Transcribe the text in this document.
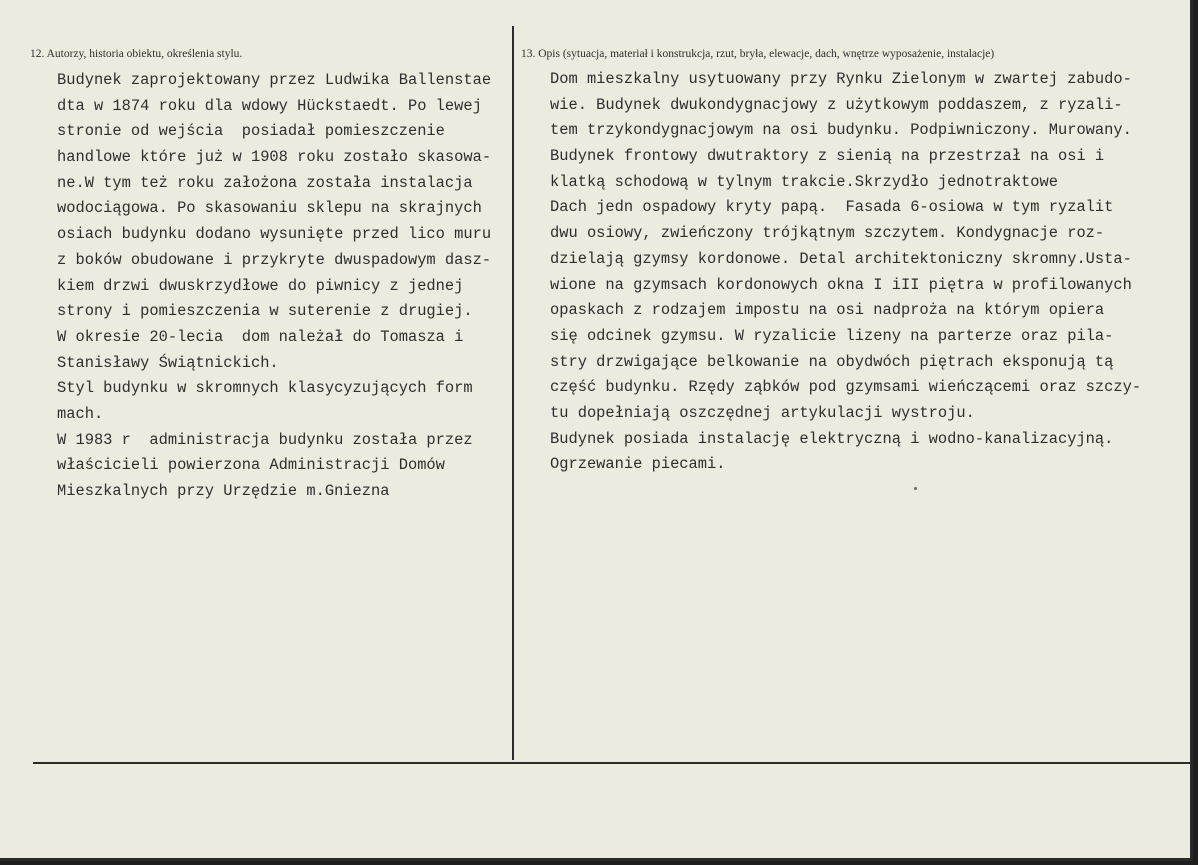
12. Autorzy, historia obiektu, określenia stylu.	13. Opis (sytuacja, materiał i konstrukcja, rzut, bryła, elewacje, dach, wnętrze wyposażenie, instalacje)
Budynek zaprojektowany przez Ludwika Ballenstae
dta w 1874 roku dla wdowy Hückstaedt. Po lewej
stronie od wejścia  posiadał pomieszczenie
handlowe które już w 1908 roku zostało skasowa-
ne.W tym też roku założona została instalacja
wodociągowa. Po skasowaniu sklepu na skrajnych
osiach budynku dodano wysunięte przed lico muru
z boków obudowane i przykryte dwuspadowym dasz-
kiem drzwi dwuskrzydłowe do piwnicy z jednej
strony i pomieszczenia w suterenie z drugiej.
W okresie 20-lecia  dom należał do Tomasza i
Stanisławy Świątnickich.
Styl budynku w skromnych klasycyzujących form
mach.
W 1983 r  administracja budynku została przez
właścicieli powierzona Administracji Domów
Mieszkalnych przy Urzędzie m.Gniezna
Dom mieszkalny usytuowany przy Rynku Zielonym w zwartej zabudo-
wie. Budynek dwukondygnacjowy z użytkowym poddaszem, z ryzali-
tem trzykondygnacjowym na osi budynku. Podpiwniczony. Murowany.
Budynek frontowy dwutraktory z sienią na przestrzał na osi i
klatką schodową w tylnym trakcie.Skrzydło jednotraktowe
Dach jedn ospadowy kryty papą.  Fasada 6-osiowa w tym ryzalit
dwu osiowy, zwieńczony trójkątnym szczytem. Kondygnacje roz-
dzielają gzymsy kordonowe. Detal architektoniczny skromny.Usta-
wione na gzymsach kordonowych okna I iII piętra w profilowanych
opaskach z rodzajem impostu na osi nadproża na którym opiera
się odcinek gzymsu. W ryzalicie lizeny na parterze oraz pila-
stry drzwigające belkowanie na obydwóch piętrach eksponują tą
część budynku. Rzędy ząbków pod gzymsami wieńczącemi oraz szczy-
tu dopełniają oszczędnej artykulacji wystroju.
Budynek posiada instalację elektryczną i wodno-kanalizacyjną.
Ogrzewanie piecami.
